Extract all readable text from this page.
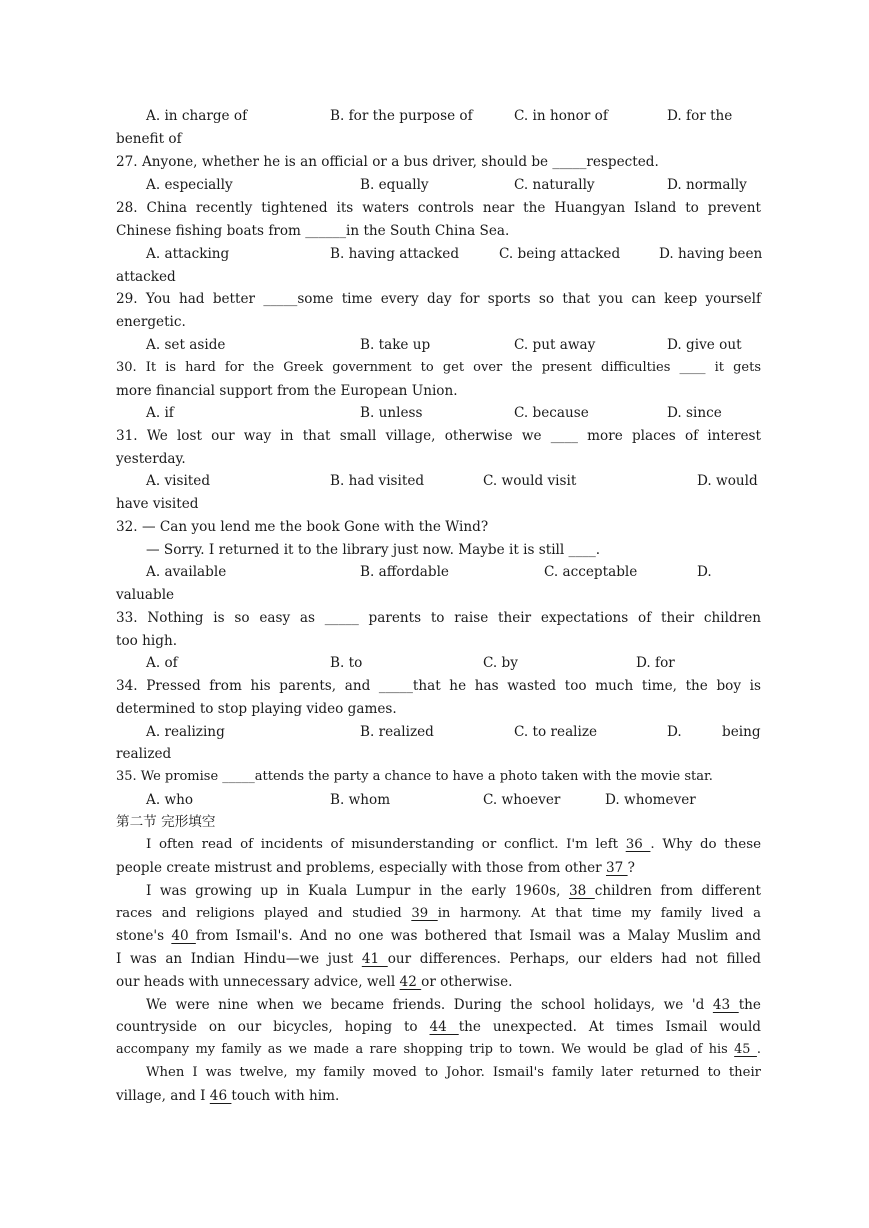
A. in charge of	B. for the purpose of	C. in honor of	D. for the
benefit of
27. Anyone, whether he is an official or a bus driver, should be _____respected.
A. especially	B. equally	C. naturally	D. normally
28. China recently tightened its waters controls near the Huangyan Island to prevent
Chinese fishing boats from ______in the South China Sea.
A. attacking	B. having attacked	C. being attacked	D. having been
attacked
29. You had better _____some time every day for sports so that you can keep yourself
energetic.
A. set aside	B. take up	C. put away	D. give out
30. It is hard for the Greek government to get over the present difficulties ____ it gets
more financial support from the European Union.
A. if	B. unless	C. because	D. since
31. We lost our way in that small village, otherwise we ____ more places of interest
yesterday.
A. visited	B. had visited	C. would visit	D. would
have visited
32. — Can you lend me the book Gone with the Wind?
— Sorry. I returned it to the library just now. Maybe it is still ____.
A. available	B. affordable	C. acceptable	D.
valuable
33. Nothing is so easy as _____ parents to raise their expectations of their children
too high.
A. of	B. to	C. by	D. for
34. Pressed from his parents, and _____that he has wasted too much time, the boy is
determined to stop playing video games.
A. realizing	B. realized	C. to realize	D.	being
realized
35. We promise _____attends the party a chance to have a photo taken with the movie star.
A. who	B. whom	C. whoever	D. whomever
第二节 完形填空
I often read of incidents of misunderstanding or conflict. I'm left 36 . Why do these
people create mistrust and problems, especially with those from other 37 ?
I was growing up in Kuala Lumpur in the early 1960s, 38 children from different
races and religions played and studied 39 in harmony. At that time my family lived a
stone's 40 from Ismail's. And no one was bothered that Ismail was a Malay Muslim and
I was an Indian Hindu—we just 41 our differences. Perhaps, our elders had not filled
our heads with unnecessary advice, well 42 or otherwise.
We were nine when we became friends. During the school holidays, we 'd 43 the
countryside on our bicycles, hoping to 44 the unexpected. At times Ismail would
accompany my family as we made a rare shopping trip to town. We would be glad of his 45 .
When I was twelve, my family moved to Johor. Ismail's family later returned to their
village, and I 46 touch with him.
